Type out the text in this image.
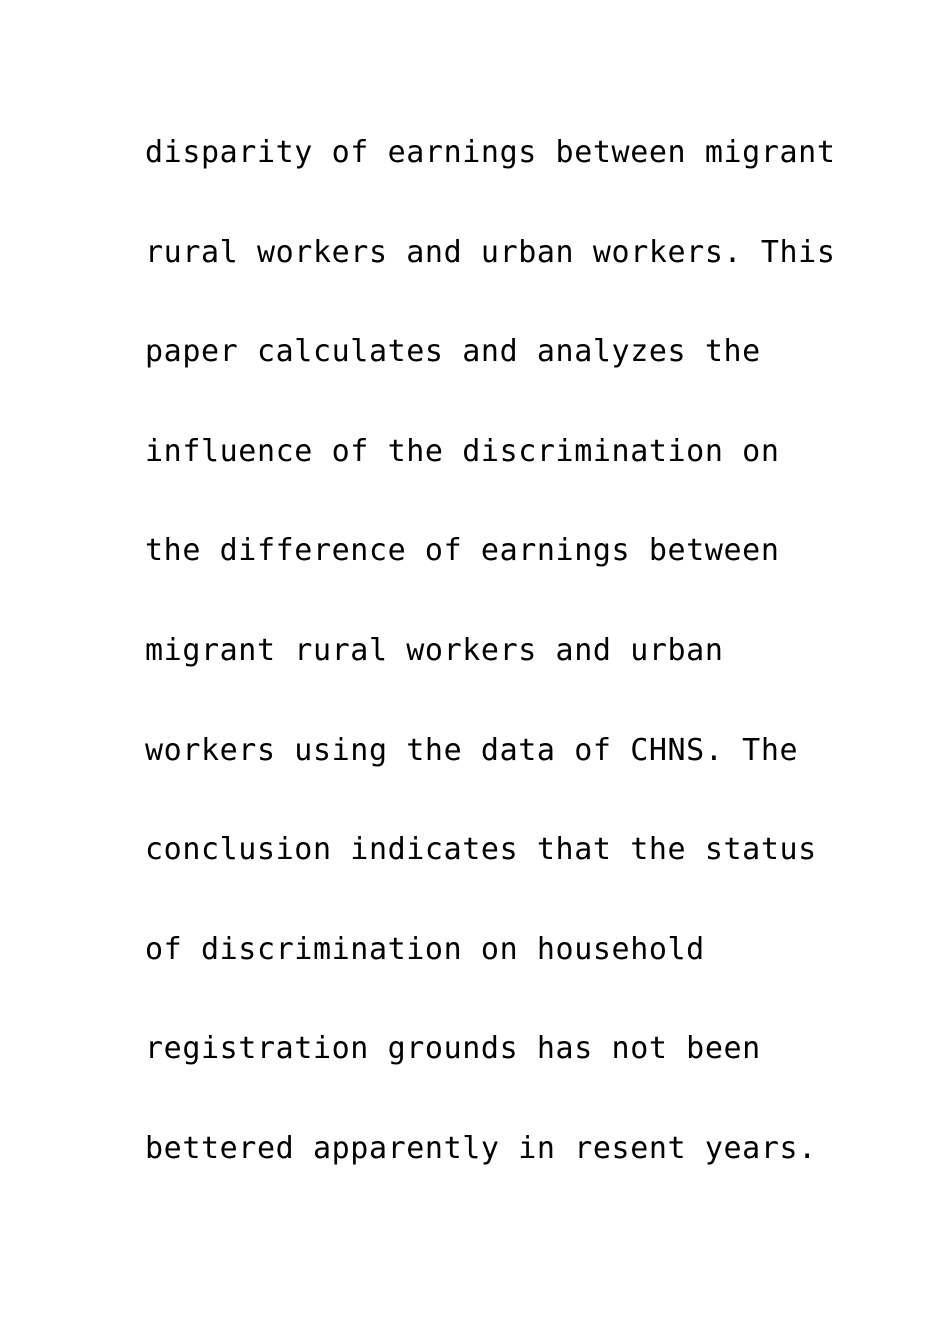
disparity of earnings between migrant
rural workers and urban workers. This
paper calculates and analyzes the
influence of the discrimination on
the difference of earnings between
migrant rural workers and urban
workers using the data of CHNS. The
conclusion indicates that the status
of discrimination on household
registration grounds has not been
bettered apparently in resent years.
